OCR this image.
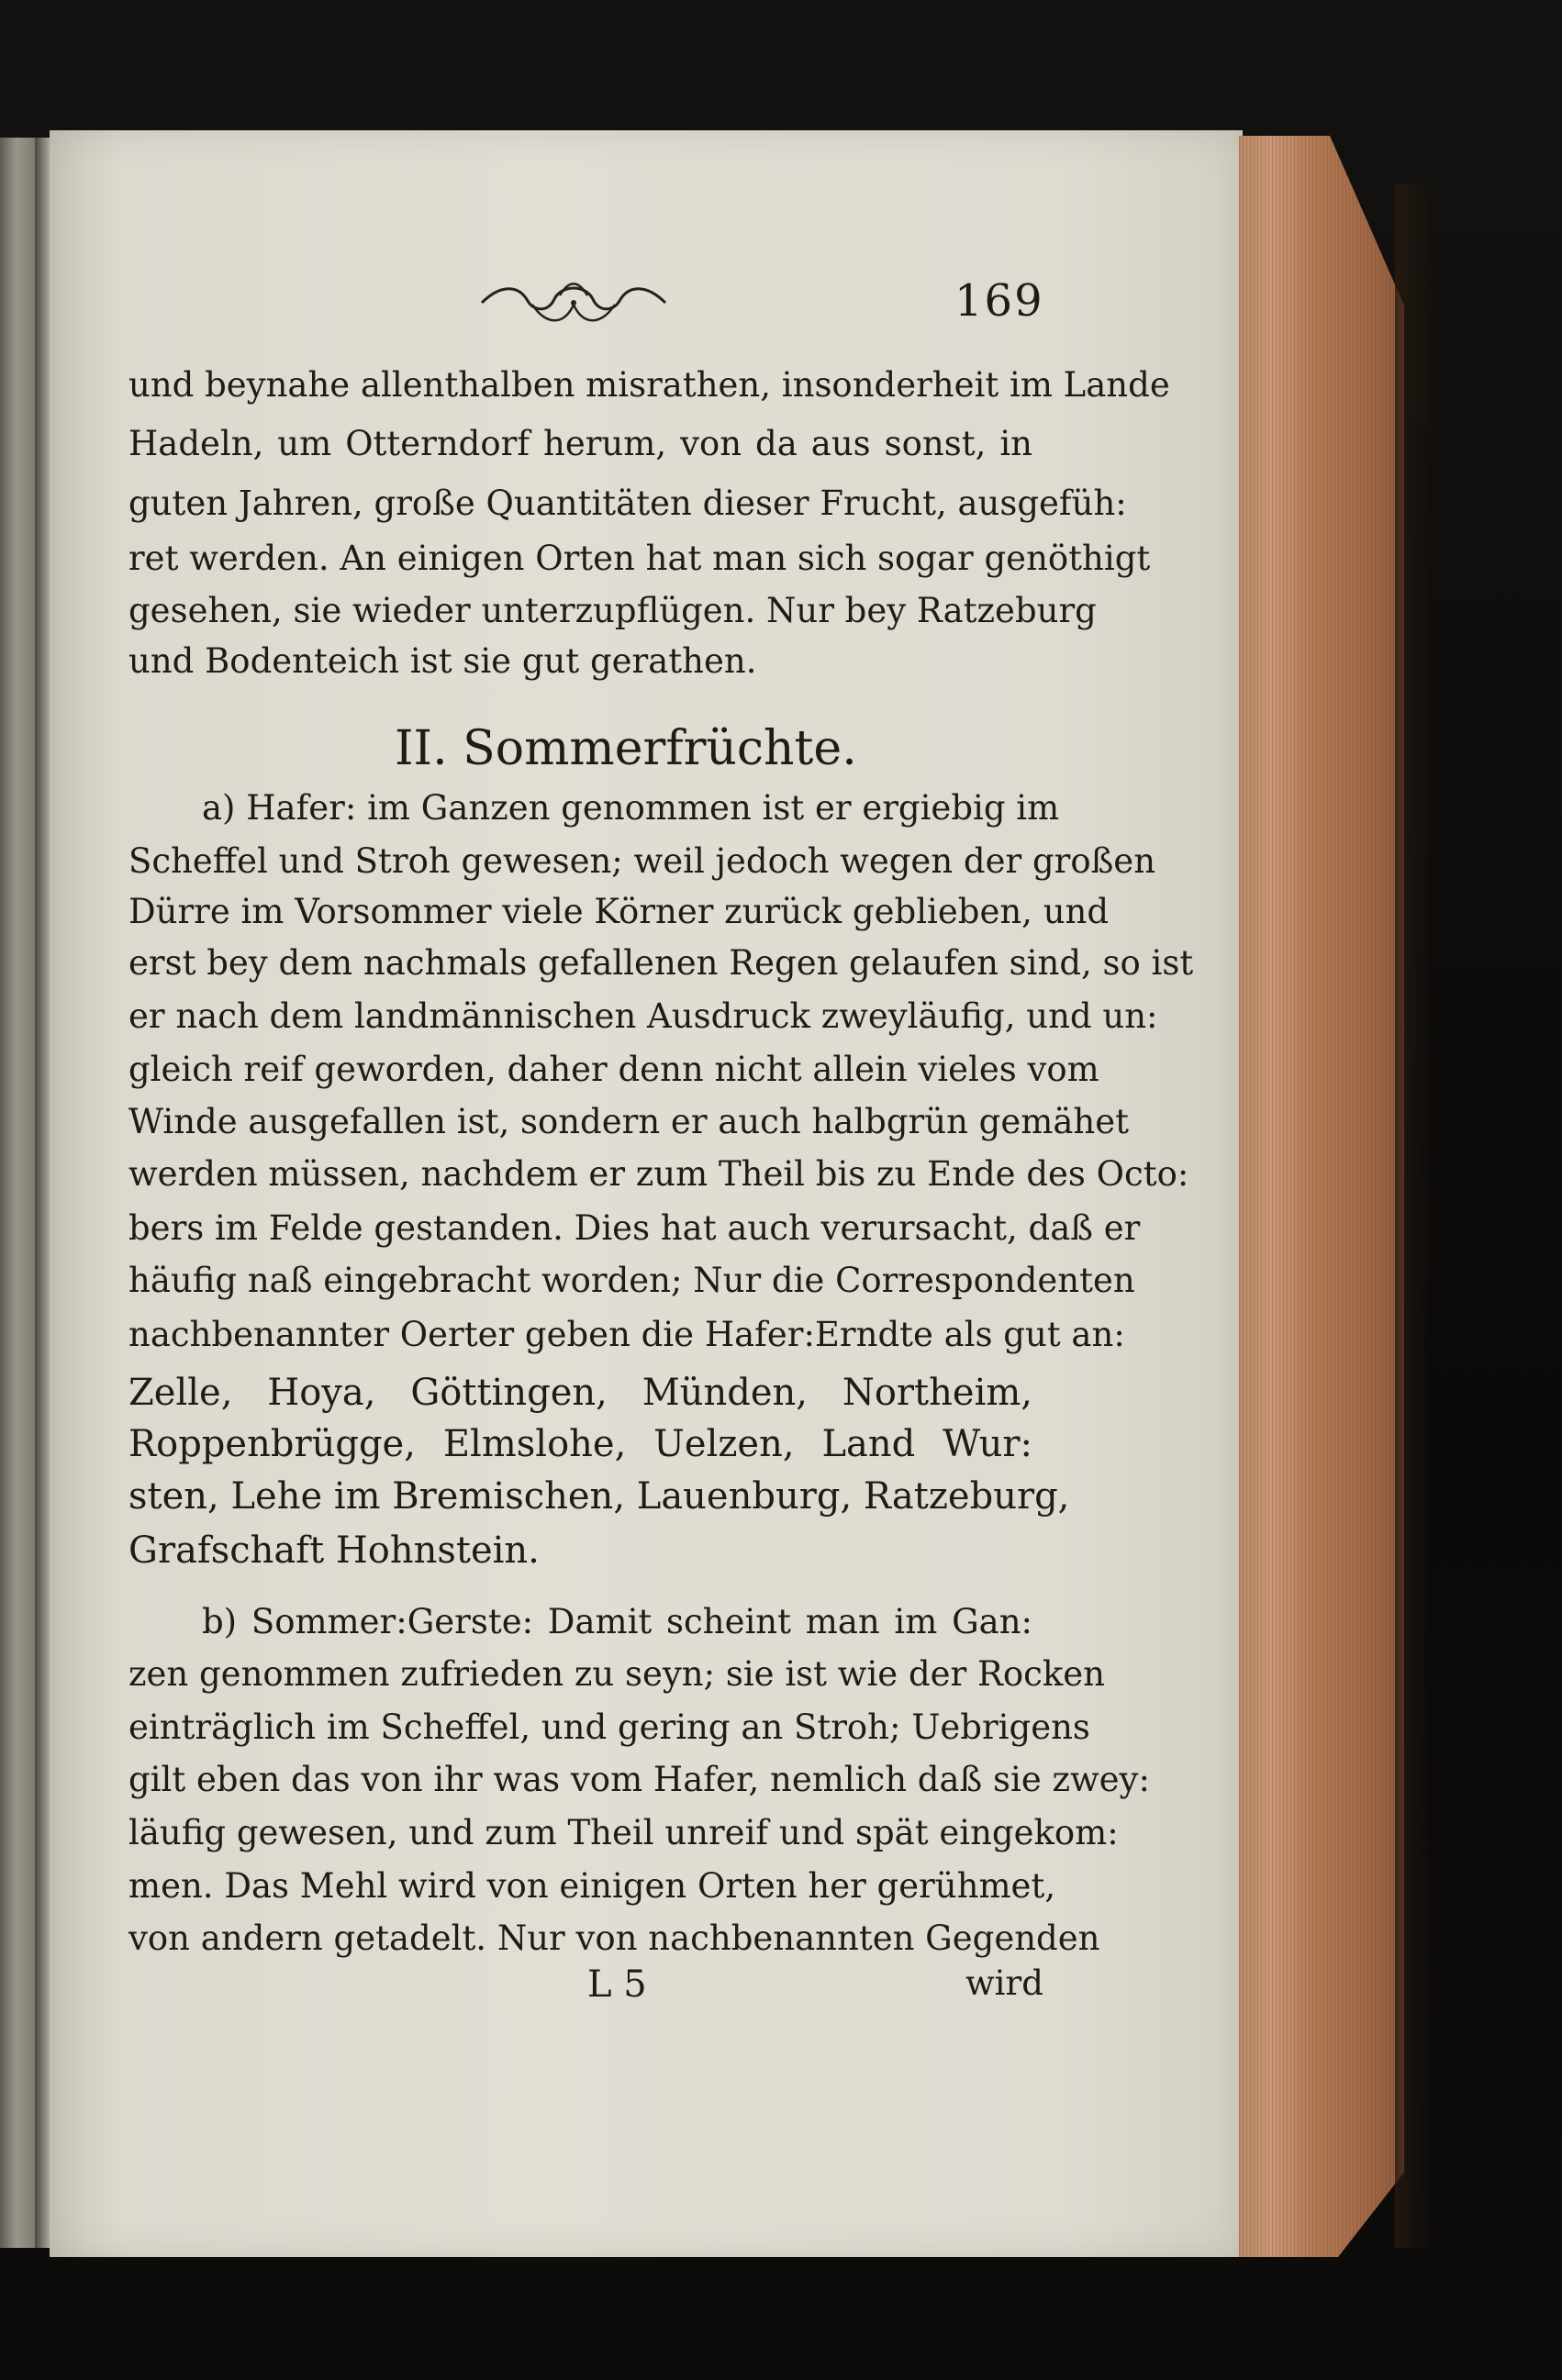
169
und beynahe allenthalben misrathen, insonderheit im Lande
Hadeln, um Otterndorf herum, von da aus sonst, in
guten Jahren, große Quantitäten dieser Frucht, ausgefüh:
ret werden. An einigen Orten hat man sich sogar genöthigt
gesehen, sie wieder unterzupflügen. Nur bey Ratzeburg
und Bodenteich ist sie gut gerathen.
II. Sommerfrüchte.
a) Hafer: im Ganzen genommen ist er ergiebig im
Scheffel und Stroh gewesen; weil jedoch wegen der großen
Dürre im Vorsommer viele Körner zurück geblieben, und
erst bey dem nachmals gefallenen Regen gelaufen sind, so ist
er nach dem landmännischen Ausdruck zweyläufig, und un:
gleich reif geworden, daher denn nicht allein vieles vom
Winde ausgefallen ist, sondern er auch halbgrün gemähet
werden müssen, nachdem er zum Theil bis zu Ende des Octo:
bers im Felde gestanden. Dies hat auch verursacht, daß er
häufig naß eingebracht worden; Nur die Correspondenten
nachbenannter Oerter geben die Hafer:Erndte als gut an:
Zelle, Hoya, Göttingen, Münden, Northeim,
Roppenbrügge, Elmslohe, Uelzen, Land Wur:
sten, Lehe im Bremischen, Lauenburg, Ratzeburg,
Grafschaft Hohnstein.
b) Sommer:Gerste: Damit scheint man im Gan:
zen genommen zufrieden zu seyn; sie ist wie der Rocken
einträglich im Scheffel, und gering an Stroh; Uebrigens
gilt eben das von ihr was vom Hafer, nemlich daß sie zwey:
läufig gewesen, und zum Theil unreif und spät eingekom:
men. Das Mehl wird von einigen Orten her gerühmet,
von andern getadelt. Nur von nachbenannten Gegenden
L 5	wird
